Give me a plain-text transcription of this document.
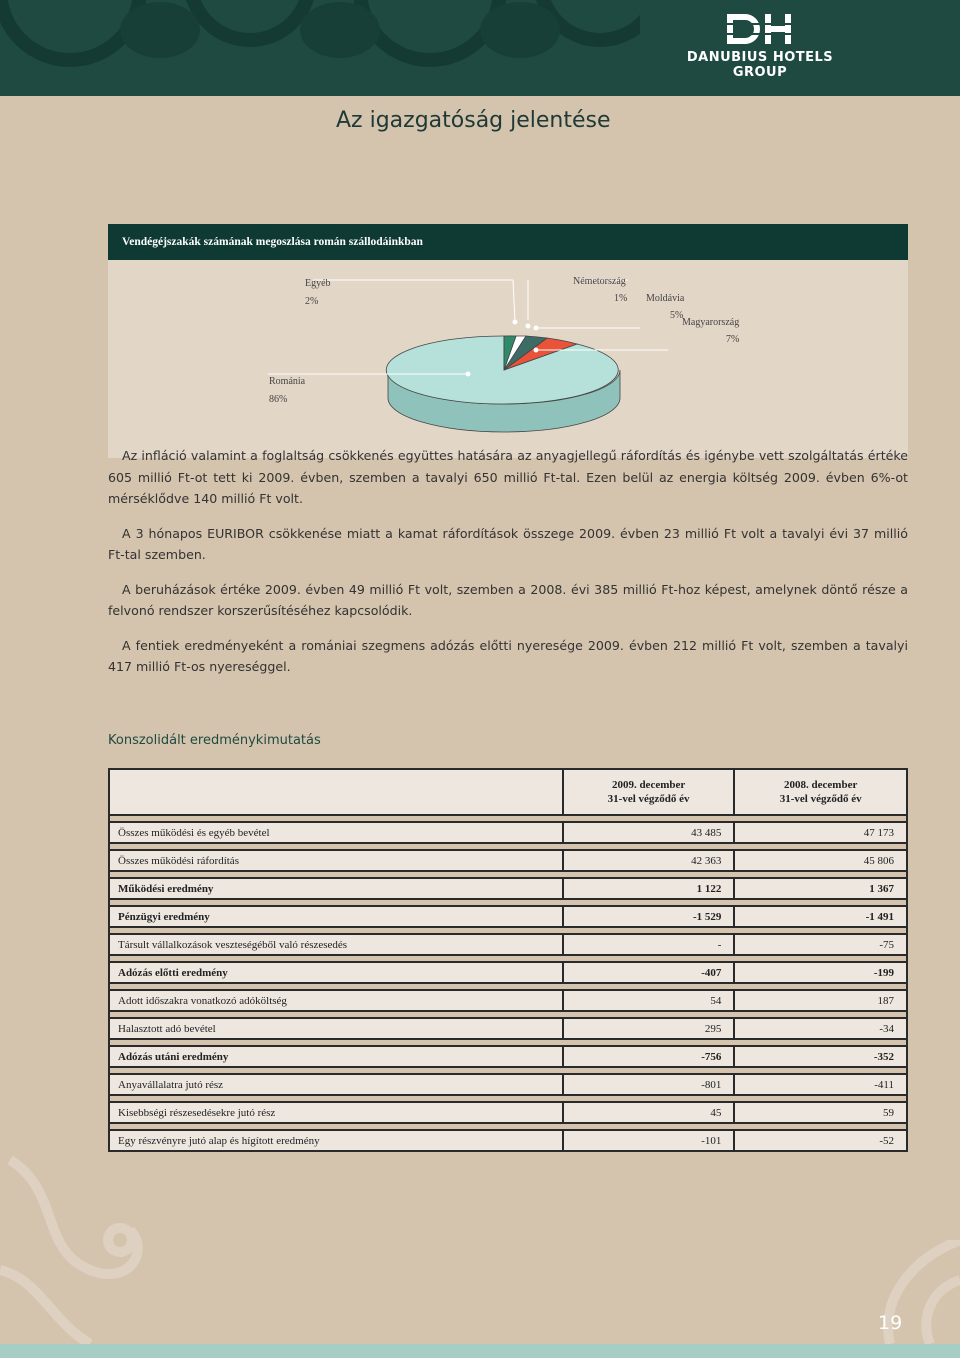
DANUBIUS HOTELS
GROUP
Az igazgatóság jelentése
Vendégéjszakák számának megoszlása román szállodáinkban
Egyéb
2%
Németország
1% Moldávia
5%
Magyarország
7%
Románia
86%

Az infláció valamint a foglaltság csökkenés együttes hatására az anyagjellegű ráfordítás és igénybe vett szolgáltatás értéke 605 millió Ft-ot tett ki 2009. évben, szemben a tavalyi 650 millió Ft-tal. Ezen belül az energia költség 2009. évben 6%-ot mérséklődve 140 millió Ft volt.

A 3 hónapos EURIBOR csökkenése miatt a kamat ráfordítások összege 2009. évben 23 millió Ft volt a tavalyi évi 37 millió Ft-tal szemben.

A beruházások értéke 2009. évben 49 millió Ft volt, szemben a 2008. évi 385 millió Ft-hoz képest, amelynek döntő része a felvonó rendszer korszerűsítéséhez kapcsolódik.

A fentiek eredményeként a romániai szegmens adózás előtti nyeresége 2009. évben 212 millió Ft volt, szemben a tavalyi 417 millió Ft-os nyereséggel.

Konszolidált eredménykimutatás
	2009. december
31-vel végződő év	2008. december
31-vel végződő év

Összes működési és egyéb bevétel	43 485	47 173

Összes működési ráfordítás	42 363	45 806

Működési eredmény	1 122	1 367

Pénzügyi eredmény	-1 529	-1 491

Társult vállalkozások veszteségéből való részesedés	-	-75

Adózás előtti eredmény	-407	-199

Adott időszakra vonatkozó adóköltség	54	187

Halasztott adó bevétel	295	-34

Adózás utáni eredmény	-756	-352

Anyavállalatra jutó rész	-801	-411

Kisebbségi részesedésekre jutó rész	45	59

Egy részvényre jutó alap és hígított eredmény	-101	-52
19
